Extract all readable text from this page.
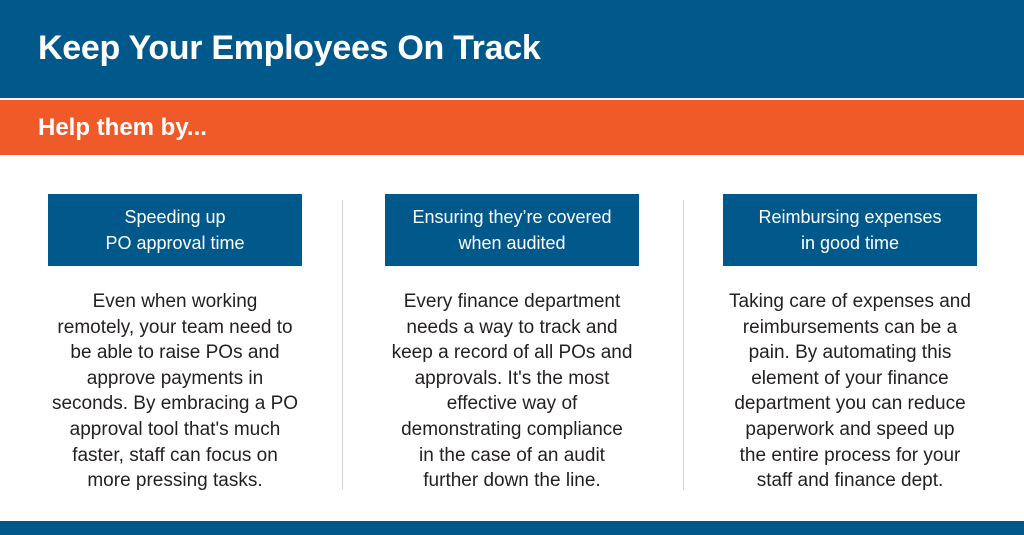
Keep Your Employees On Track
Help them by...
Speeding up
PO approval time
Even when working
remotely, your team need to
be able to raise POs and
approve payments in
seconds. By embracing a PO
approval tool that's much
faster, staff can focus on
more pressing tasks.
Ensuring they’re covered
when audited
Every finance department
needs a way to track and
keep a record of all POs and
approvals. It's the most
effective way of
demonstrating compliance
in the case of an audit
further down the line.
Reimbursing expenses
in good time
Taking care of expenses and
reimbursements can be a
pain. By automating this
element of your finance
department you can reduce
paperwork and speed up
the entire process for your
staff and finance dept.
